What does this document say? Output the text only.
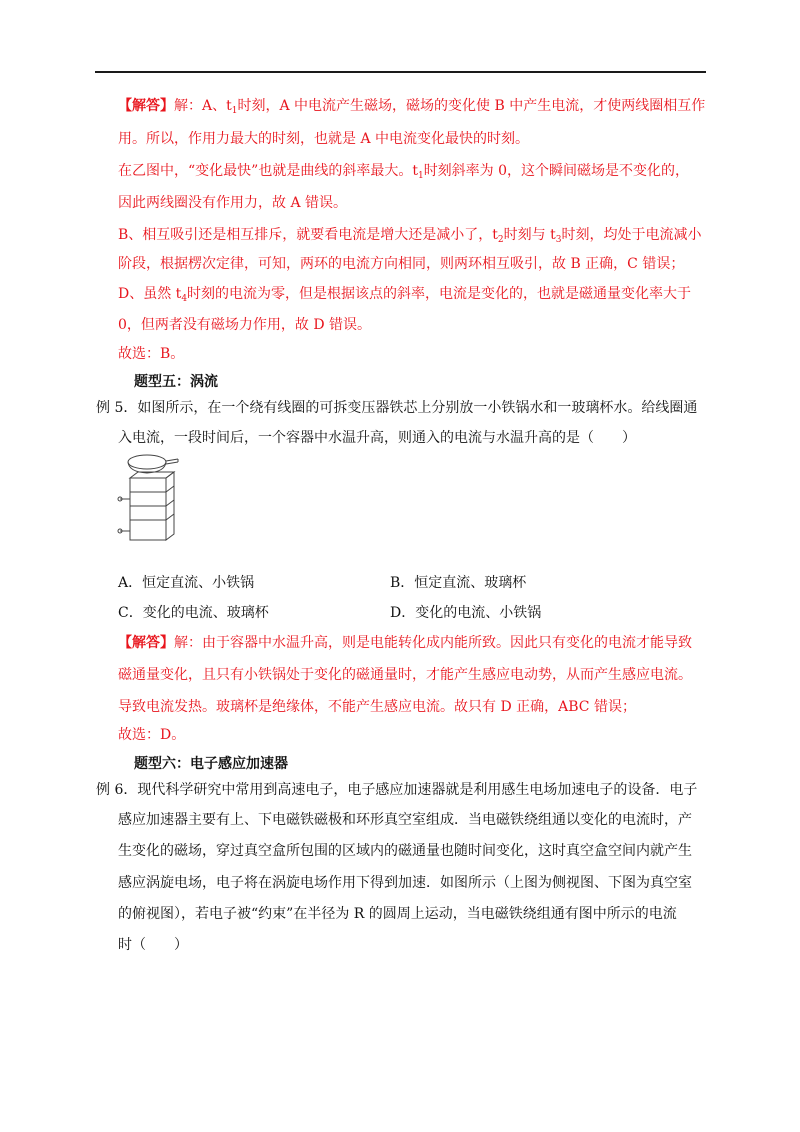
【解答】解：A、$t_1$时刻，A 中电流产生磁场，磁场的变化使 B 中产生电流，才使两线圈相互作
用。所以，作用力最大的时刻，也就是 A 中电流变化最快的时刻。
在乙图中，“变化最快”也就是曲线的斜率最大。$t_1$时刻斜率为 0，这个瞬间磁场是不变化的，
因此两线圈没有作用力，故 A 错误。
B、相互吸引还是相互排斥，就要看电流是增大还是减小了，$t_2$时刻与 $t_3$时刻，均处于电流减小
阶段，根据楞次定律，可知，两环的电流方向相同，则两环相互吸引，故 B 正确，C 错误；
D、虽然 $t_4$时刻的电流为零，但是根据该点的斜率，电流是变化的，也就是磁通量变化率大于
0，但两者没有磁场力作用，故 D 错误。
故选：B。
题型五：涡流
例 5．如图所示，在一个绕有线圈的可拆变压器铁芯上分别放一小铁锅水和一玻璃杯水。给线圈通
入电流，一段时间后，一个容器中水温升高，则通入的电流与水温升高的是（　　）
A．恒定直流、小铁锅	B．恒定直流、玻璃杯
C．变化的电流、玻璃杯	D．变化的电流、小铁锅
【解答】解：由于容器中水温升高，则是电能转化成内能所致。因此只有变化的电流才能导致
磁通量变化，且只有小铁锅处于变化的磁通量时，才能产生感应电动势，从而产生感应电流。
导致电流发热。玻璃杯是绝缘体，不能产生感应电流。故只有 D 正确，ABC 错误；
故选：D。
题型六：电子感应加速器
例 6．现代科学研究中常用到高速电子，电子感应加速器就是利用感生电场加速电子的设备．电子
感应加速器主要有上、下电磁铁磁极和环形真空室组成．当电磁铁绕组通以变化的电流时，产
生变化的磁场，穿过真空盒所包围的区域内的磁通量也随时间变化，这时真空盒空间内就产生
感应涡旋电场，电子将在涡旋电场作用下得到加速．如图所示（上图为侧视图、下图为真空室
的俯视图），若电子被“约束”在半径为 R 的圆周上运动，当电磁铁绕组通有图中所示的电流
时（　　）
